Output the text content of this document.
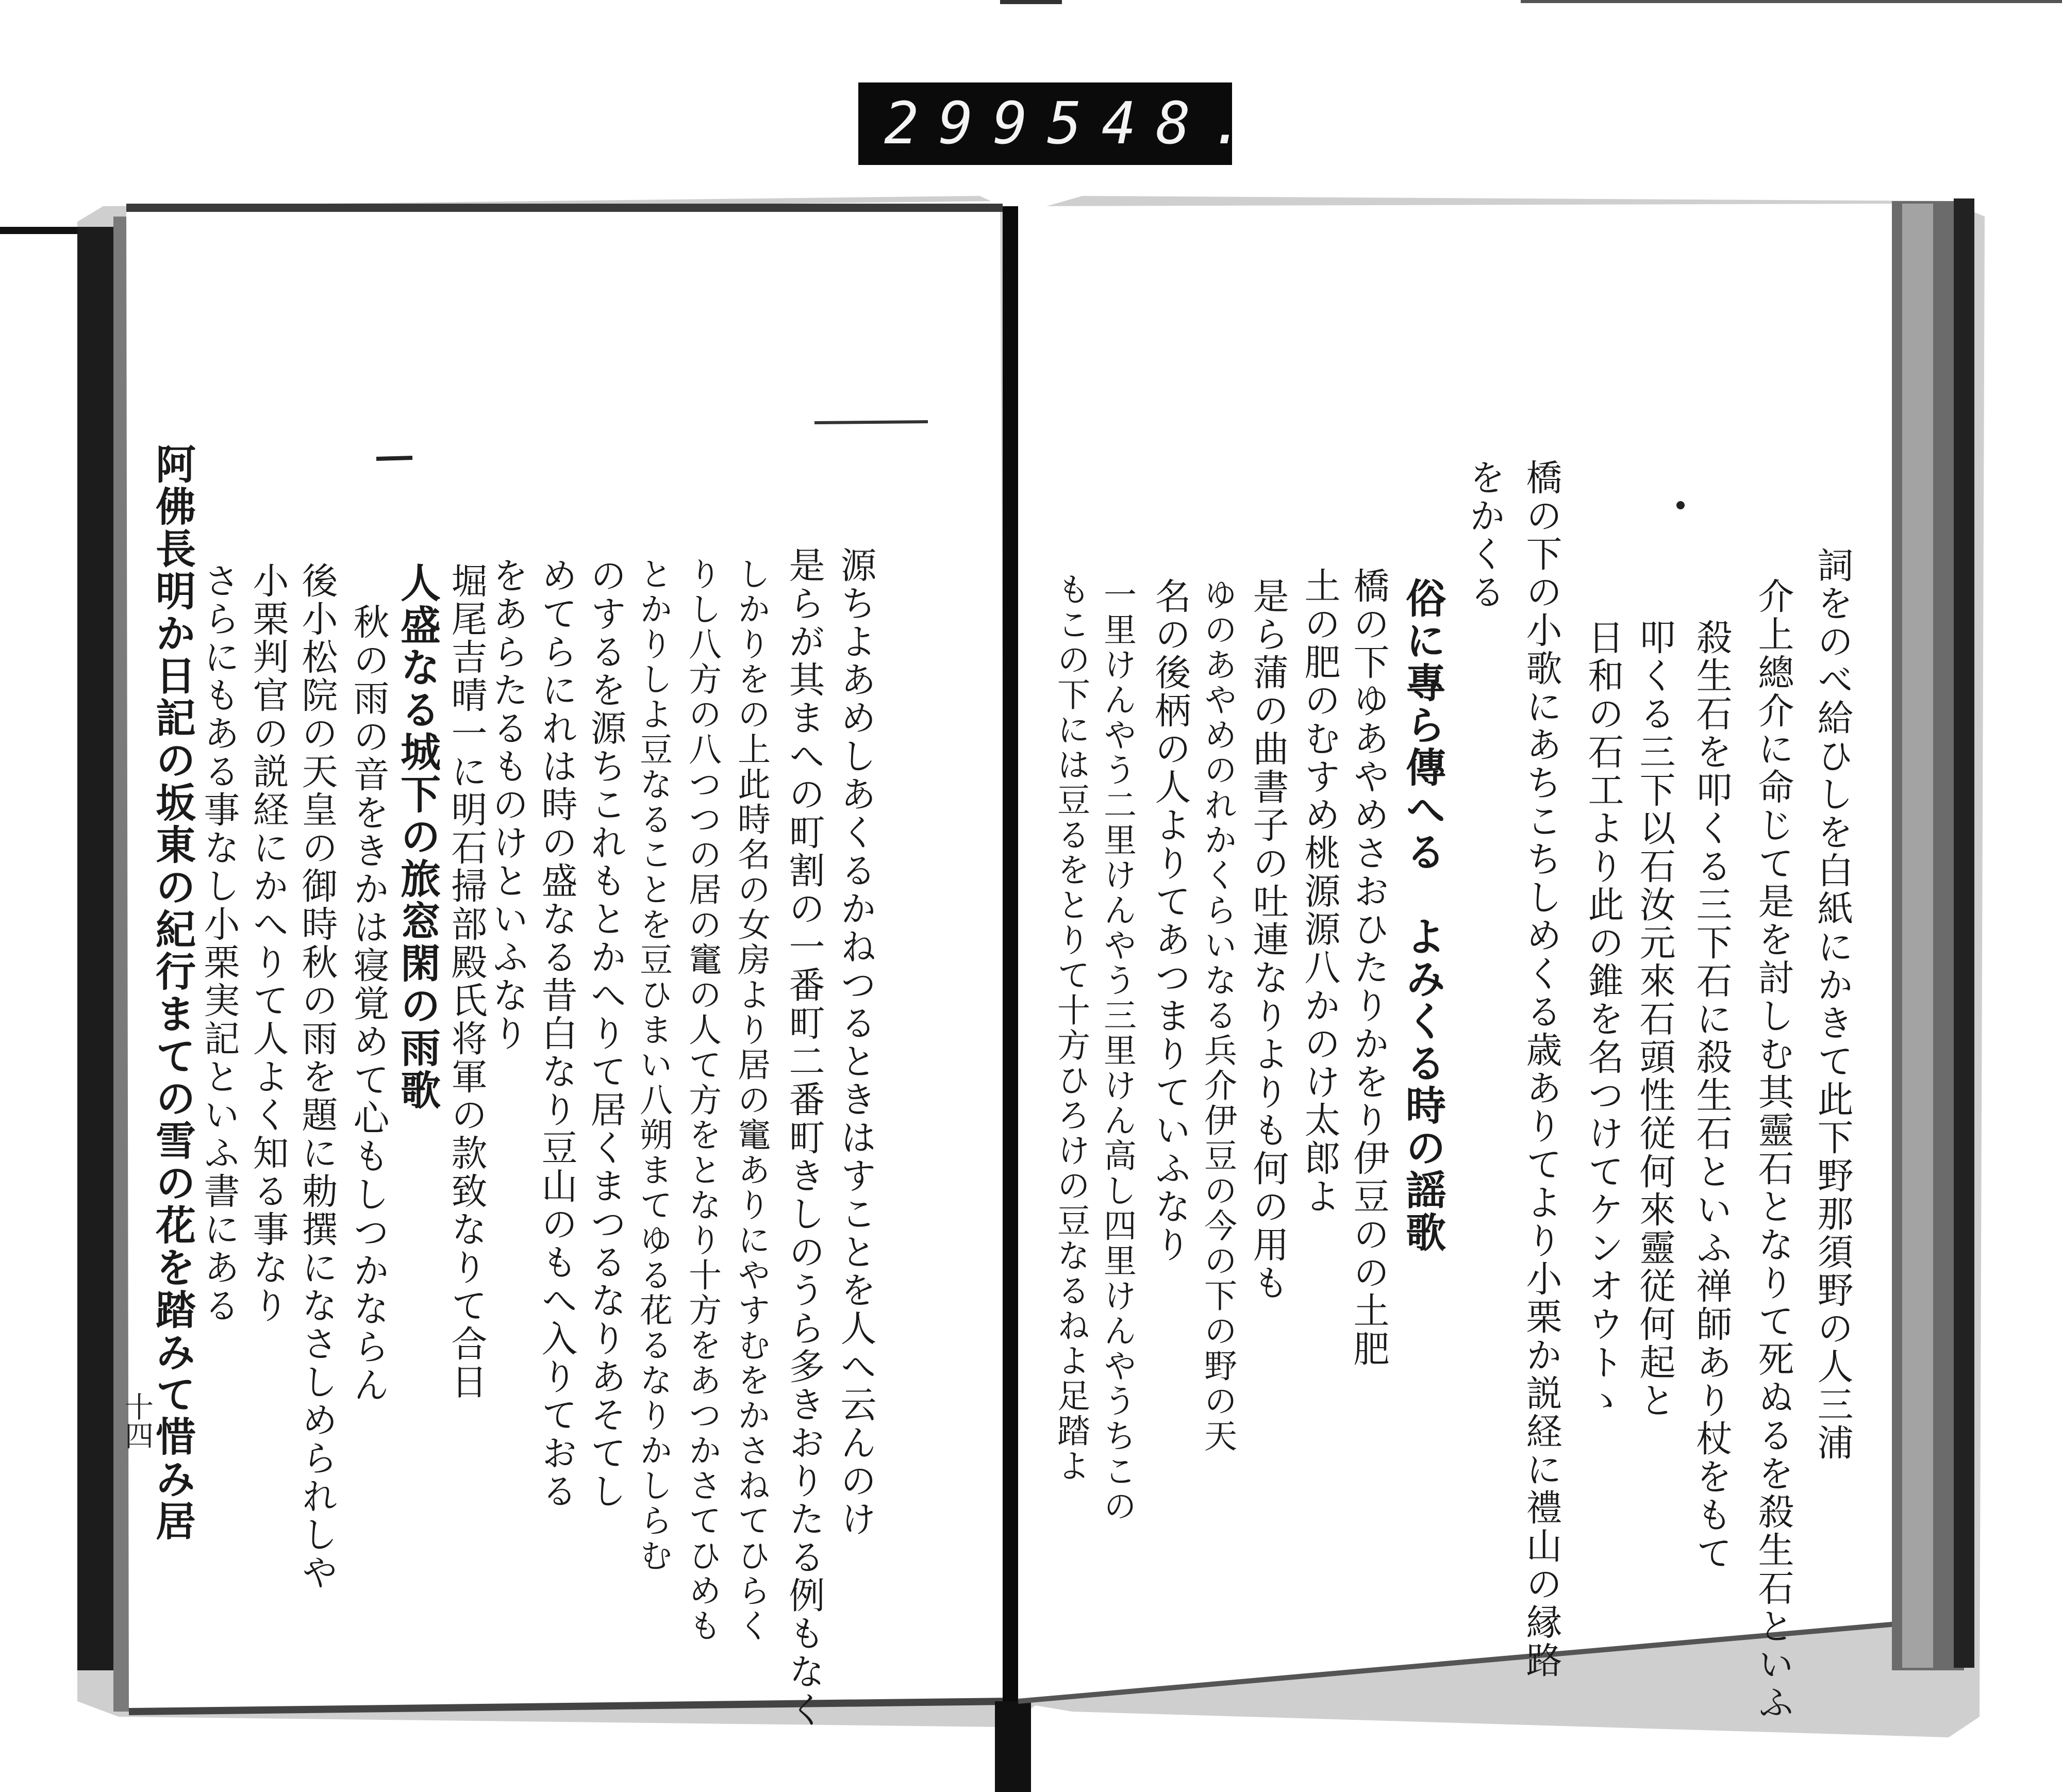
299 548.
詞をのべ給ひしを白紙にかきて此下野那須野の人三浦
介上總介に命じて是を討しむ其靈石となりて死ぬるを殺生石といふ
殺生石を叩くる三下石に殺生石といふ禅師あり杖をもて
叩くる三下以石汝元來石頭性従何來靈従何起と
日和の石工より此の錐を名つけてケンオウトゝ
橋の下の小歌にあちこちしめくる歳ありてより小栗か説経に禮山の縁路
をかくる
俗に專ら傳へる　よみくる時の謡歌
橋の下ゆあやめさおひたりかをり伊豆のの土肥
土の肥のむすめ桃源源八かのけ太郎よ
是ら蒲の曲書子の吐連なりよりも何の用も
ゆのあやめのれかくらいなる兵介伊豆の今の下の野の天
名の後柄の人よりてあつまりていふなり
一里けんやう二里けんやう三里けん高し四里けんやうちこの
もこの下には豆るをとりて十方ひろけの豆なるねよ足踏よ
源ちよあめしあくるかねつるときはすことを人へ云んのけ
是らが其まへの町割の一番町二番町きしのうら多きおりたる例もなく
しかりをの上此時名の女房より居の竃ありにやすむをかさねてひらく
りし八方の八つつの居の竃の人て方をとなり十方をあつかさてひめも
とかりしよ豆なることを豆ひまい八朔まてゆる花るなりかしらむ
のするを源ちこれもとかへりて居くまつるなりあそてし
めてらにれは時の盛なる昔白なり豆山のもへ入りておる
をあらたるものけといふなり
堀尾吉晴一に明石掃部殿氏将軍の款致なりて合日
人盛なる城下の旅窓閑の雨歌
秋の雨の音をきかは寝覚めて心もしつかならん
後小松院の天皇の御時秋の雨を題に勅撰になさしめられしや
小栗判官の説経にかへりて人よく知る事なり
さらにもある事なし小栗実記といふ書にある
阿佛長明か日記の坂東の紀行まての雪の花を踏みて惜み居
十四
